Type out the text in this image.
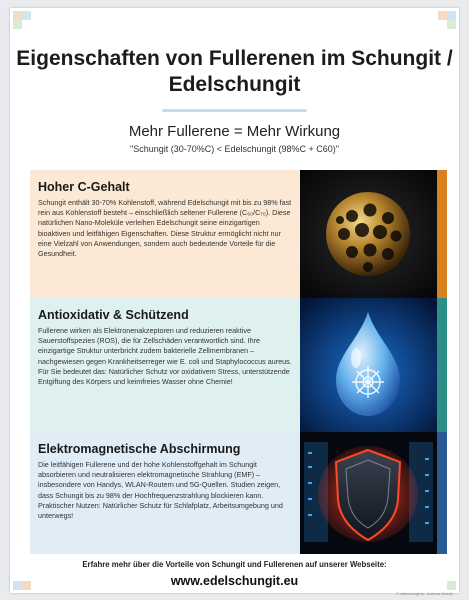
Eigenschaften von Fullerenen im Schungit / Edelschungit
Mehr Fullerene = Mehr Wirkung
"Schungit (30-70%C) < Edelschungit (98%C + C60)"
Hoher C-Gehalt

Schungit enthält 30-70% Kohlenstoff, während Edelschungit mit bis zu 98% fast rein aus Kohlenstoff besteht – einschließlich seltener Fullerene (C₆₀/C₇₀). Diese natürlichen Nano-Moleküle verleihen Edelschungit seine einzigartigen bioaktiven und leitfähigen Eigenschaften. Diese Struktur ermöglicht nicht nur eine Vielzahl von Anwendungen, sondern auch bedeutende Vorteile für die Gesundheit.

Antioxidativ & Schützend

Fullerene wirken als Elektronenakzeptoren und reduzieren reaktive Sauerstoffspezies (ROS), die für Zellschäden verantwortlich sind. Ihre einzigartige Struktur unterbricht zudem bakterielle Zellmembranen – nachgewiesen gegen Krankheitserreger wie E. coli und Staphylococcus aureus. Für Sie bedeutet das: Natürlicher Schutz vor oxidativem Stress, unterstützende Entgiftung des Körpers und keimfreies Wasser ohne Chemie!

Elektromagnetische Abschirmung

Die leitfähigen Fullerene und der hohe Kohlenstoffgehalt im Schungit absorbieren und neutralisieren elektromagnetische Strahlung (EMF) – insbesondere von Handys, WLAN-Routern und 5G-Quellen. Studien zeigen, dass Schungit bis zu 98% der Hochfrequenzstrahlung blockieren kann. Praktischer Nutzen: Natürlicher Schutz für Schlafplatz, Arbeitsumgebung und unterwegs!

Erfahre mehr über die Vorteile von Schungit und Fullerenen auf unserer Webseite:
www.edelschungit.eu
© edelschungit.eu · Andreas Kindoth
